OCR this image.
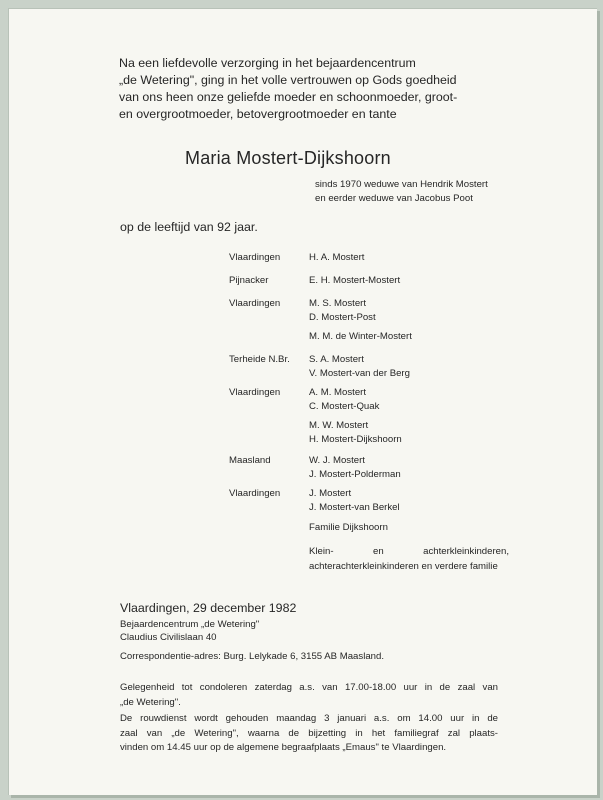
Na een liefdevolle verzorging in het bejaardencentrum
„de Wetering", ging in het volle vertrouwen op Gods goedheid
van ons heen onze geliefde moeder en schoonmoeder, groot-
en overgrootmoeder, betovergrootmoeder en tante
Maria Mostert-Dijkshoorn
sinds 1970 weduwe van Hendrik Mostert
en eerder weduwe van Jacobus Poot
op de leeftijd van 92 jaar.
Vlaardingen	H. A. Mostert
Pijnacker	E. H. Mostert-Mostert
Vlaardingen	M. S. Mostert
D. Mostert-Post
M. M. de Winter-Mostert
Terheide N.Br. S. A. Mostert
V. Mostert-van der Berg
Vlaardingen	A. M. Mostert
C. Mostert-Quak
M. W. Mostert
H. Mostert-Dijkshoorn
Maasland	W. J. Mostert
J. Mostert-Polderman
Vlaardingen	J. Mostert
J. Mostert-van Berkel
Familie Dijkshoorn
Klein- en achterkleinkinderen, achterachterkleinkinderen en verdere familie
Vlaardingen, 29 december 1982
Bejaardencentrum „de Wetering"
Claudius Civilislaan 40
Correspondentie-adres: Burg. Lelykade 6, 3155 AB Maasland.
Gelegenheid tot condoleren zaterdag a.s. van 17.00-18.00 uur in de zaal van
„de Wetering".
De rouwdienst wordt gehouden maandag 3 januari a.s. om 14.00 uur in de
zaal van „de Wetering", waarna de bijzetting in het familiegraf zal plaats-
vinden om 14.45 uur op de algemene begraafplaats „Emaus" te Vlaardingen.
